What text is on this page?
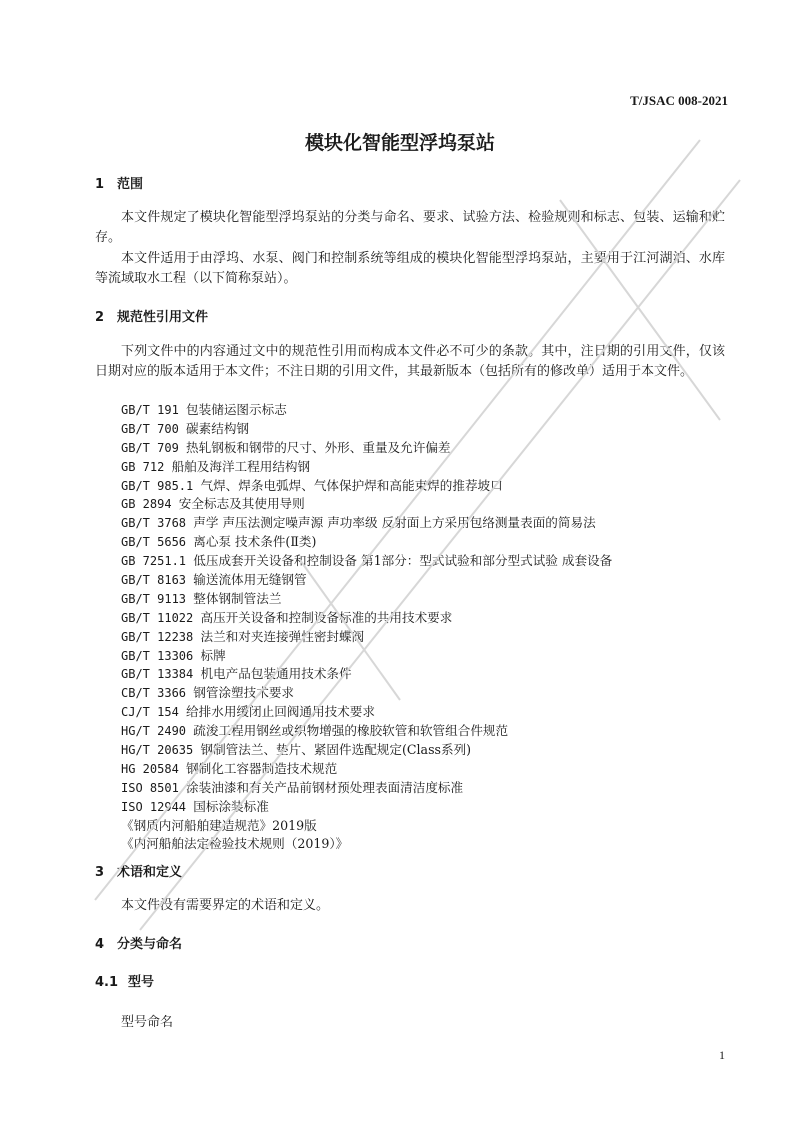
T/JSAC 008-2021
模块化智能型浮坞泵站
1 范围

本文件规定了模块化智能型浮坞泵站的分类与命名、要求、试验方法、检验规则和标志、包装、运输和贮存。

本文件适用于由浮坞、水泵、阀门和控制系统等组成的模块化智能型浮坞泵站，主要用于江河湖泊、水库等流域取水工程（以下简称泵站）。

2 规范性引用文件

下列文件中的内容通过文中的规范性引用而构成本文件必不可少的条款。其中，注日期的引用文件，仅该日期对应的版本适用于本文件；不注日期的引用文件，其最新版本（包括所有的修改单）适用于本文件。

GB/T 191 包装储运图示标志
GB/T 700 碳素结构钢
GB/T 709 热轧钢板和钢带的尺寸、外形、重量及允许偏差
GB 712 船舶及海洋工程用结构钢
GB/T 985.1 气焊、焊条电弧焊、气体保护焊和高能束焊的推荐坡口
GB 2894 安全标志及其使用导则
GB/T 3768 声学 声压法测定噪声源 声功率级 反射面上方采用包络测量表面的简易法
GB/T 5656 离心泵 技术条件(Ⅱ类)
GB 7251.1 低压成套开关设备和控制设备 第1部分：型式试验和部分型式试验 成套设备
GB/T 8163 输送流体用无缝钢管
GB/T 9113 整体钢制管法兰
GB/T 11022 高压开关设备和控制设备标准的共用技术要求
GB/T 12238 法兰和对夹连接弹性密封蝶阀
GB/T 13306 标牌
GB/T 13384 机电产品包装通用技术条件
CB/T 3366 钢管涂塑技术要求
CJ/T 154 给排水用缓闭止回阀通用技术要求
HG/T 2490 疏浚工程用钢丝或织物增强的橡胶软管和软管组合件规范
HG/T 20635 钢制管法兰、垫片、紧固件选配规定(Class系列)
HG 20584 钢制化工容器制造技术规范
ISO 8501 涂装油漆和有关产品前钢材预处理表面清洁度标准
ISO 12944 国标涂装标准
《钢质内河船舶建造规范》2019版
《内河船舶法定检验技术规则（2019）》
3 术语和定义

本文件没有需要界定的术语和定义。

4 分类与命名
4.1 型号

型号命名

1
